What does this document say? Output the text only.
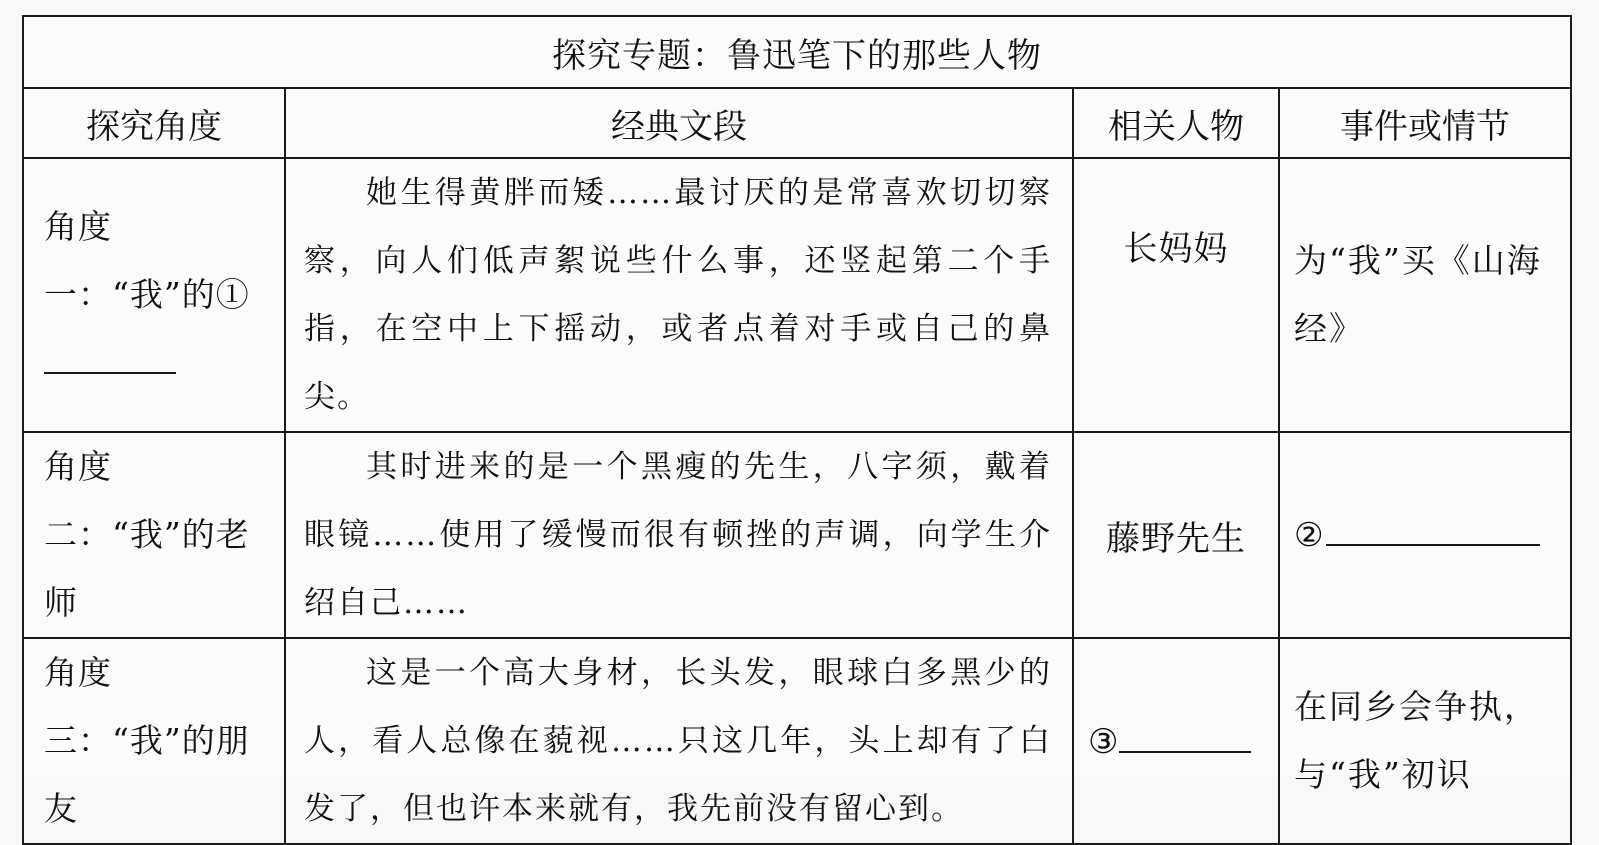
探究专题：鲁迅笔下的那些人物			
探究角度	经典文段	相关人物	事件或情节
角度一：“我”的①	她生得黄胖而矮……最讨厌的是常喜欢切切察察，向人们低声絮说些什么事，还竖起第二个手指，在空中上下摇动，或者点着对手或自己的鼻尖。	长妈妈	为“我”买《山海经》
角度二：“我”的老师	其时进来的是一个黑瘦的先生，八字须，戴着眼镜……使用了缓慢而很有顿挫的声调，向学生介绍自己……	藤野先生	②
角度三：“我”的朋友	这是一个高大身材，长头发，眼球白多黑少的人，看人总像在藐视……只这几年，头上却有了白发了，但也许本来就有，我先前没有留心到。	③	在同乡会争执，与“我”初识
